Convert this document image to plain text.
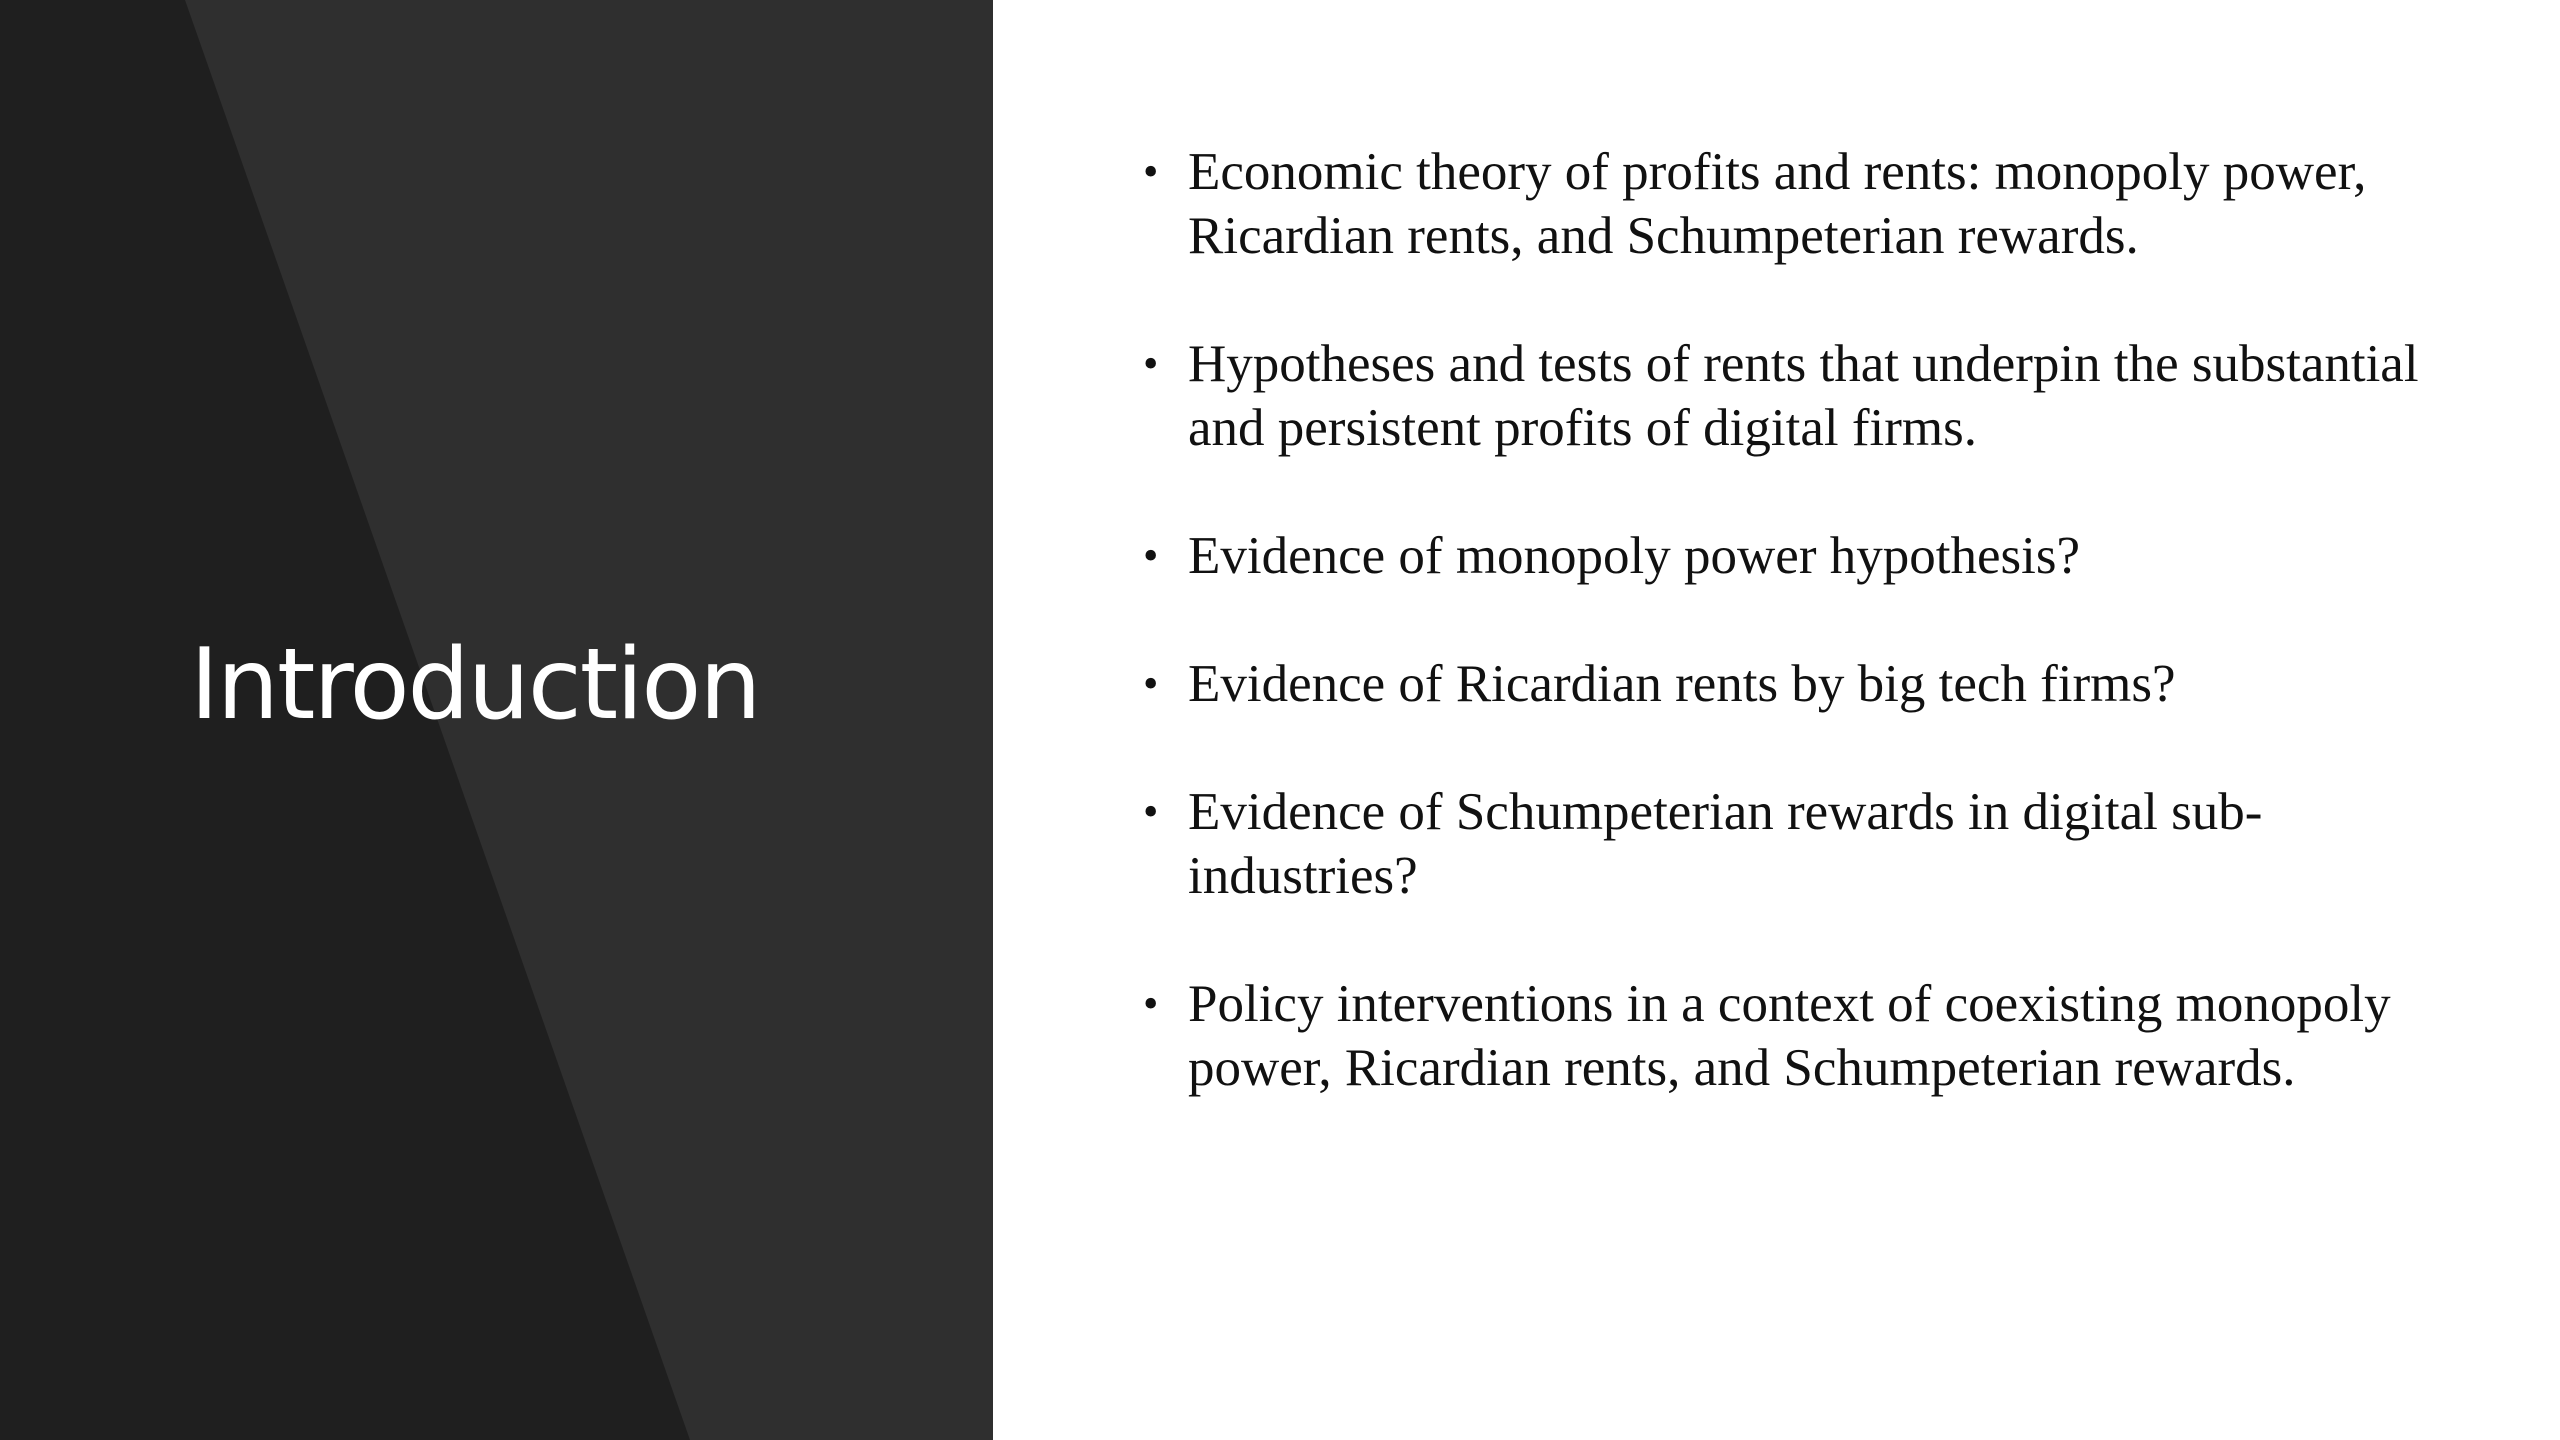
Introduction
• Economic theory of profits and rents: monopoly power, Ricardian rents, and Schumpeterian rewards.
• Hypotheses and tests of rents that underpin the substantial and persistent profits of digital firms.
• Evidence of monopoly power hypothesis?
• Evidence of Ricardian rents by big tech firms?
• Evidence of Schumpeterian rewards in digital sub-industries?
• Policy interventions in a context of coexisting monopoly power, Ricardian rents, and Schumpeterian rewards.
